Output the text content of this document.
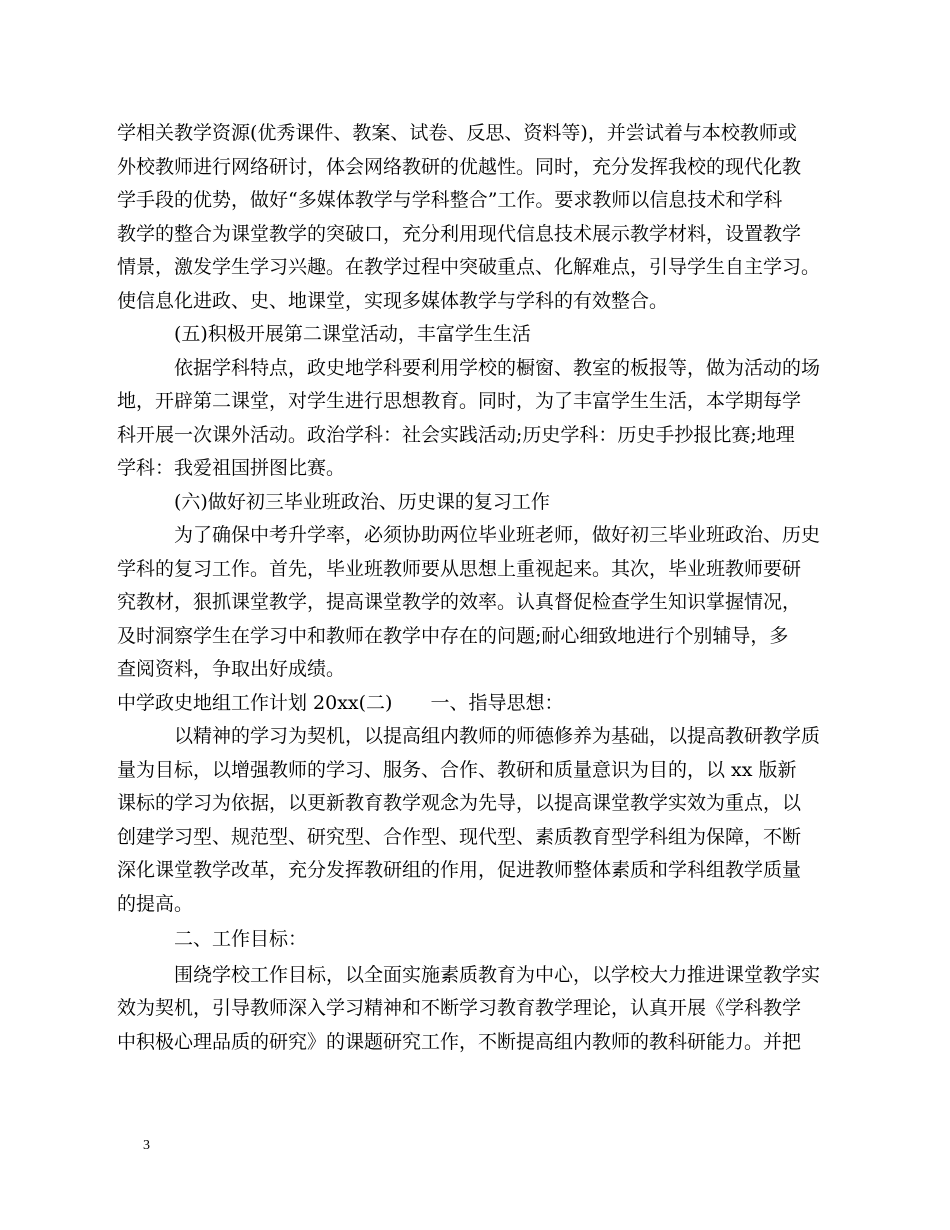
学相关教学资源(优秀课件、教案、试卷、反思、资料等)，并尝试着与本校教师或
外校教师进行网络研讨，体会网络教研的优越性。同时，充分发挥我校的现代化教
学手段的优势，做好“多媒体教学与学科整合”工作。要求教师以信息技术和学科
教学的整合为课堂教学的突破口，充分利用现代信息技术展示教学材料，设置教学
情景，激发学生学习兴趣。在教学过程中突破重点、化解难点，引导学生自主学习。
使信息化进政、史、地课堂，实现多媒体教学与学科的有效整合。
(五)积极开展第二课堂活动，丰富学生生活
依据学科特点，政史地学科要利用学校的橱窗、教室的板报等，做为活动的场
地，开辟第二课堂，对学生进行思想教育。同时，为了丰富学生生活，本学期每学
科开展一次课外活动。政治学科：社会实践活动;历史学科：历史手抄报比赛;地理
学科：我爱祖国拼图比赛。
(六)做好初三毕业班政治、历史课的复习工作
为了确保中考升学率，必须协助两位毕业班老师，做好初三毕业班政治、历史
学科的复习工作。首先，毕业班教师要从思想上重视起来。其次，毕业班教师要研
究教材，狠抓课堂教学，提高课堂教学的效率。认真督促检查学生知识掌握情况，
及时洞察学生在学习中和教师在教学中存在的问题;耐心细致地进行个别辅导，多
查阅资料，争取出好成绩。
中学政史地组工作计划 20xx(二)　　一、指导思想：
以精神的学习为契机，以提高组内教师的师德修养为基础，以提高教研教学质
量为目标，以增强教师的学习、服务、合作、教研和质量意识为目的，以 xx 版新
课标的学习为依据，以更新教育教学观念为先导，以提高课堂教学实效为重点，以
创建学习型、规范型、研究型、合作型、现代型、素质教育型学科组为保障，不断
深化课堂教学改革，充分发挥教研组的作用，促进教师整体素质和学科组教学质量
的提高。
二、工作目标：
围绕学校工作目标，以全面实施素质教育为中心，以学校大力推进课堂教学实
效为契机，引导教师深入学习精神和不断学习教育教学理论，认真开展《学科教学
中积极心理品质的研究》的课题研究工作，不断提高组内教师的教科研能力。并把
3
